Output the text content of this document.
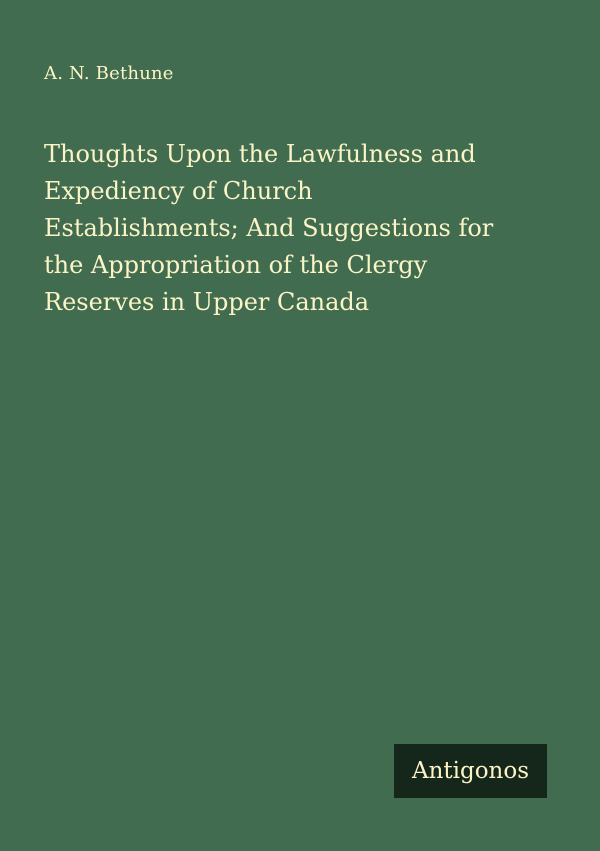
A. N. Bethune
Thoughts Upon the Lawfulness and
Expediency of Church
Establishments; And Suggestions for
the Appropriation of the Clergy
Reserves in Upper Canada
Antigonos
